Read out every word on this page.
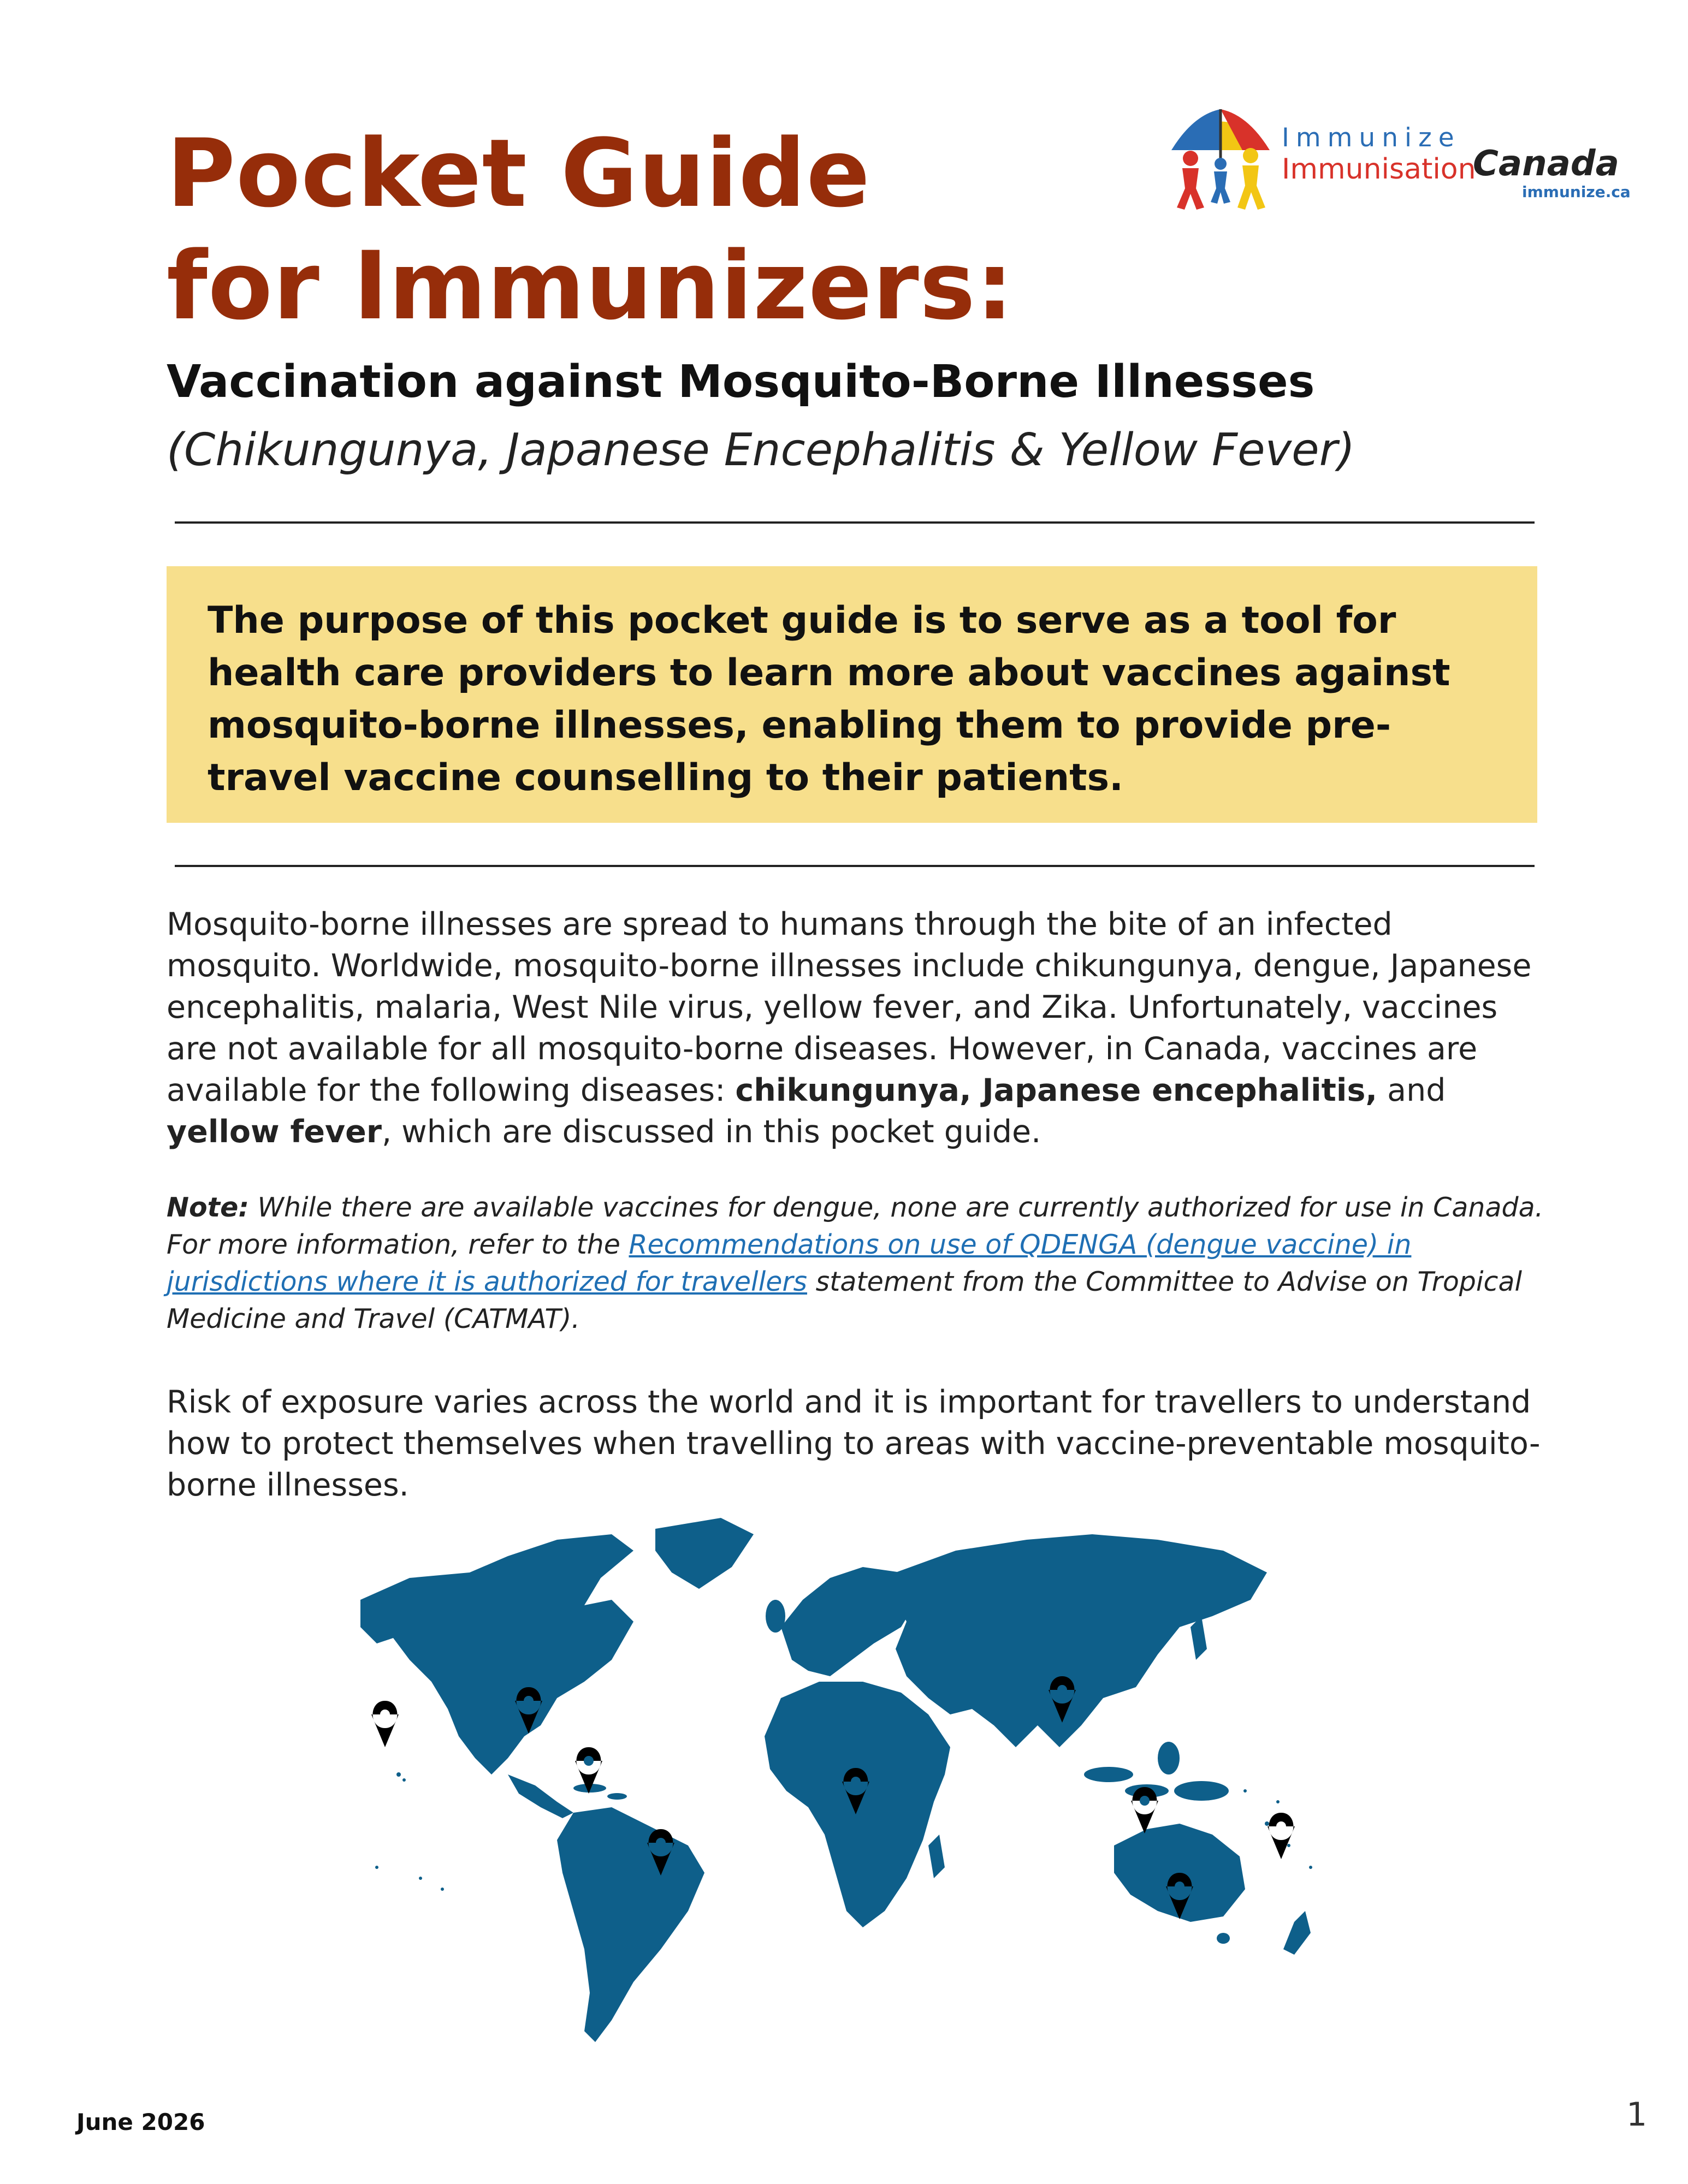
Immunize
Immunisation
Canada
immunize.ca
Pocket Guide
for Immunizers:
Vaccination against Mosquito-Borne Illnesses
(Chikungunya, Japanese Encephalitis & Yellow Fever)
The purpose of this pocket guide is to serve as a tool for health care providers to learn more about vaccines against mosquito-borne illnesses, enabling them to provide pre-travel vaccine counselling to their patients.
Mosquito-borne illnesses are spread to humans through the bite of an infected mosquito. Worldwide, mosquito-borne illnesses include chikungunya, dengue, Japanese encephalitis, malaria, West Nile virus, yellow fever, and Zika. Unfortunately, vaccines are not available for all mosquito-borne diseases. However, in Canada, vaccines are available for the following diseases: chikungunya, Japanese encephalitis, and yellow fever, which are discussed in this pocket guide.
Note: While there are available vaccines for dengue, none are currently authorized for use in Canada. For more information, refer to the Recommendations on use of QDENGA (dengue vaccine) in jurisdictions where it is authorized for travellers statement from the Committee to Advise on Tropical Medicine and Travel (CATMAT).
Risk of exposure varies across the world and it is important for travellers to understand how to protect themselves when travelling to areas with vaccine-preventable mosquito-borne illnesses.
June 2026	1
